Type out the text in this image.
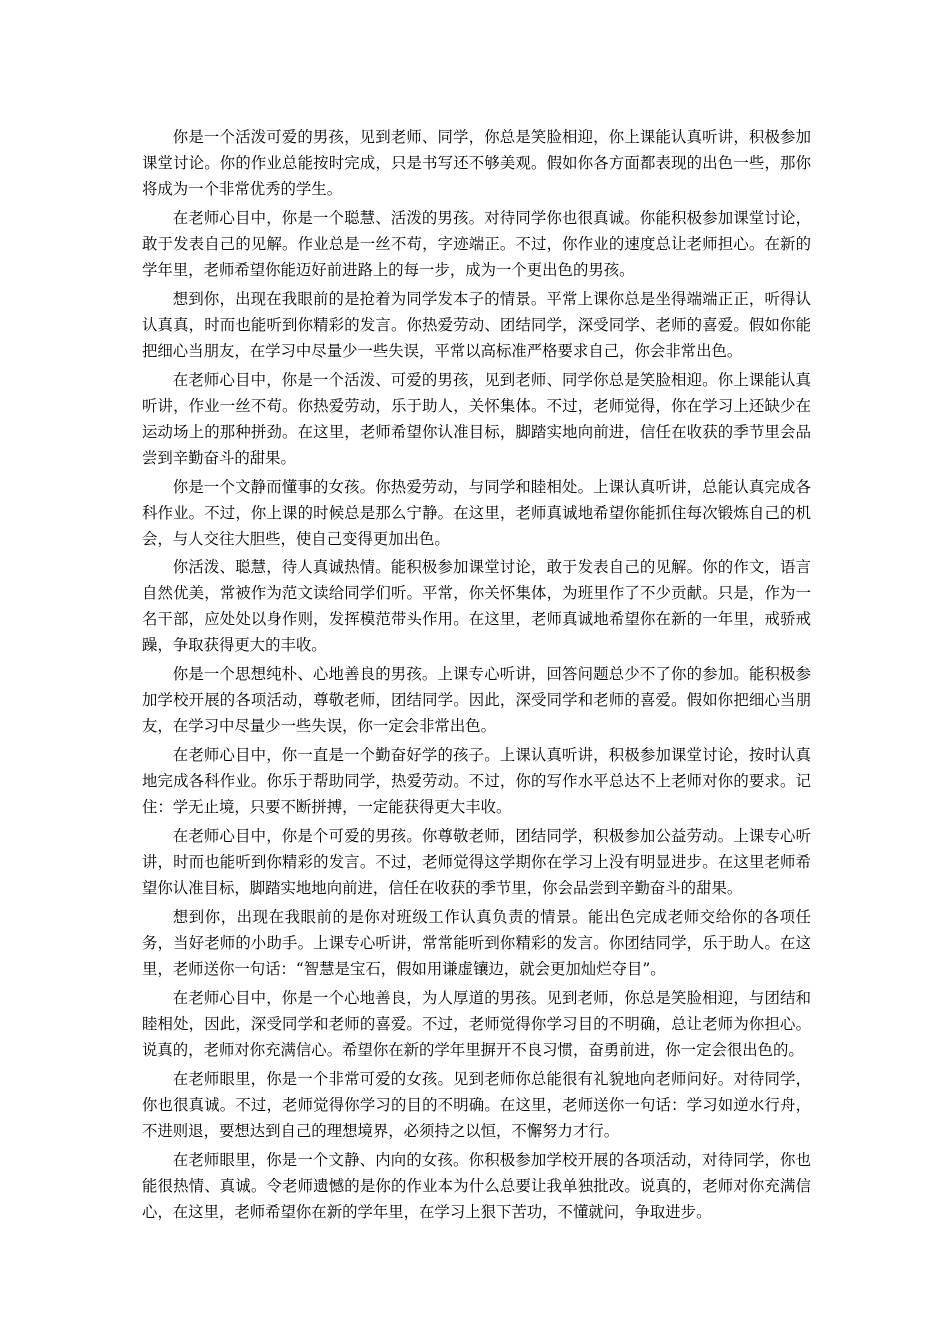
你是一个活泼可爱的男孩，见到老师、同学，你总是笑脸相迎，你上课能认真听讲，积极参加课堂讨论。你的作业总能按时完成，只是书写还不够美观。假如你各方面都表现的出色一些，那你将成为一个非常优秀的学生。

在老师心目中，你是一个聪慧、活泼的男孩。对待同学你也很真诚。你能积极参加课堂讨论，敢于发表自己的见解。作业总是一丝不苟，字迹端正。不过，你作业的速度总让老师担心。在新的学年里，老师希望你能迈好前进路上的每一步，成为一个更出色的男孩。

想到你，出现在我眼前的是抢着为同学发本子的情景。平常上课你总是坐得端端正正，听得认认真真，时而也能听到你精彩的发言。你热爱劳动、团结同学，深受同学、老师的喜爱。假如你能把细心当朋友，在学习中尽量少一些失误，平常以高标准严格要求自己，你会非常出色。

在老师心目中，你是一个活泼、可爱的男孩，见到老师、同学你总是笑脸相迎。你上课能认真听讲，作业一丝不苟。你热爱劳动，乐于助人，关怀集体。不过，老师觉得，你在学习上还缺少在运动场上的那种拼劲。在这里，老师希望你认准目标，脚踏实地向前进，信任在收获的季节里会品尝到辛勤奋斗的甜果。

你是一个文静而懂事的女孩。你热爱劳动，与同学和睦相处。上课认真听讲，总能认真完成各科作业。不过，你上课的时候总是那么宁静。在这里，老师真诚地希望你能抓住每次锻炼自己的机会，与人交往大胆些，使自己变得更加出色。

你活泼、聪慧，待人真诚热情。能积极参加课堂讨论，敢于发表自己的见解。你的作文，语言自然优美，常被作为范文读给同学们听。平常，你关怀集体，为班里作了不少贡献。只是，作为一名干部，应处处以身作则，发挥模范带头作用。在这里，老师真诚地希望你在新的一年里，戒骄戒躁，争取获得更大的丰收。

你是一个思想纯朴、心地善良的男孩。上课专心听讲，回答问题总少不了你的参加。能积极参加学校开展的各项活动，尊敬老师，团结同学。因此，深受同学和老师的喜爱。假如你把细心当朋友，在学习中尽量少一些失误，你一定会非常出色。

在老师心目中，你一直是一个勤奋好学的孩子。上课认真听讲，积极参加课堂讨论，按时认真地完成各科作业。你乐于帮助同学，热爱劳动。不过，你的写作水平总达不上老师对你的要求。记住：学无止境，只要不断拼搏，一定能获得更大丰收。

在老师心目中，你是个可爱的男孩。你尊敬老师，团结同学，积极参加公益劳动。上课专心听讲，时而也能听到你精彩的发言。不过，老师觉得这学期你在学习上没有明显进步。在这里老师希望你认准目标，脚踏实地地向前进，信任在收获的季节里，你会品尝到辛勤奋斗的甜果。

想到你，出现在我眼前的是你对班级工作认真负责的情景。能出色完成老师交给你的各项任务，当好老师的小助手。上课专心听讲，常常能听到你精彩的发言。你团结同学，乐于助人。在这里，老师送你一句话：“智慧是宝石，假如用谦虚镶边，就会更加灿烂夺目”。

在老师心目中，你是一个心地善良，为人厚道的男孩。见到老师，你总是笑脸相迎，与团结和睦相处，因此，深受同学和老师的喜爱。不过，老师觉得你学习目的不明确，总让老师为你担心。说真的，老师对你充满信心。希望你在新的学年里摒开不良习惯，奋勇前进，你一定会很出色的。

在老师眼里，你是一个非常可爱的女孩。见到老师你总能很有礼貌地向老师问好。对待同学，你也很真诚。不过，老师觉得你学习的目的不明确。在这里，老师送你一句话：学习如逆水行舟，不进则退，要想达到自己的理想境界，必须持之以恒，不懈努力才行。

在老师眼里，你是一个文静、内向的女孩。你积极参加学校开展的各项活动，对待同学，你也能很热情、真诚。令老师遗憾的是你的作业本为什么总要让我单独批改。说真的，老师对你充满信心，在这里，老师希望你在新的学年里，在学习上狠下苦功，不懂就问，争取进步。
